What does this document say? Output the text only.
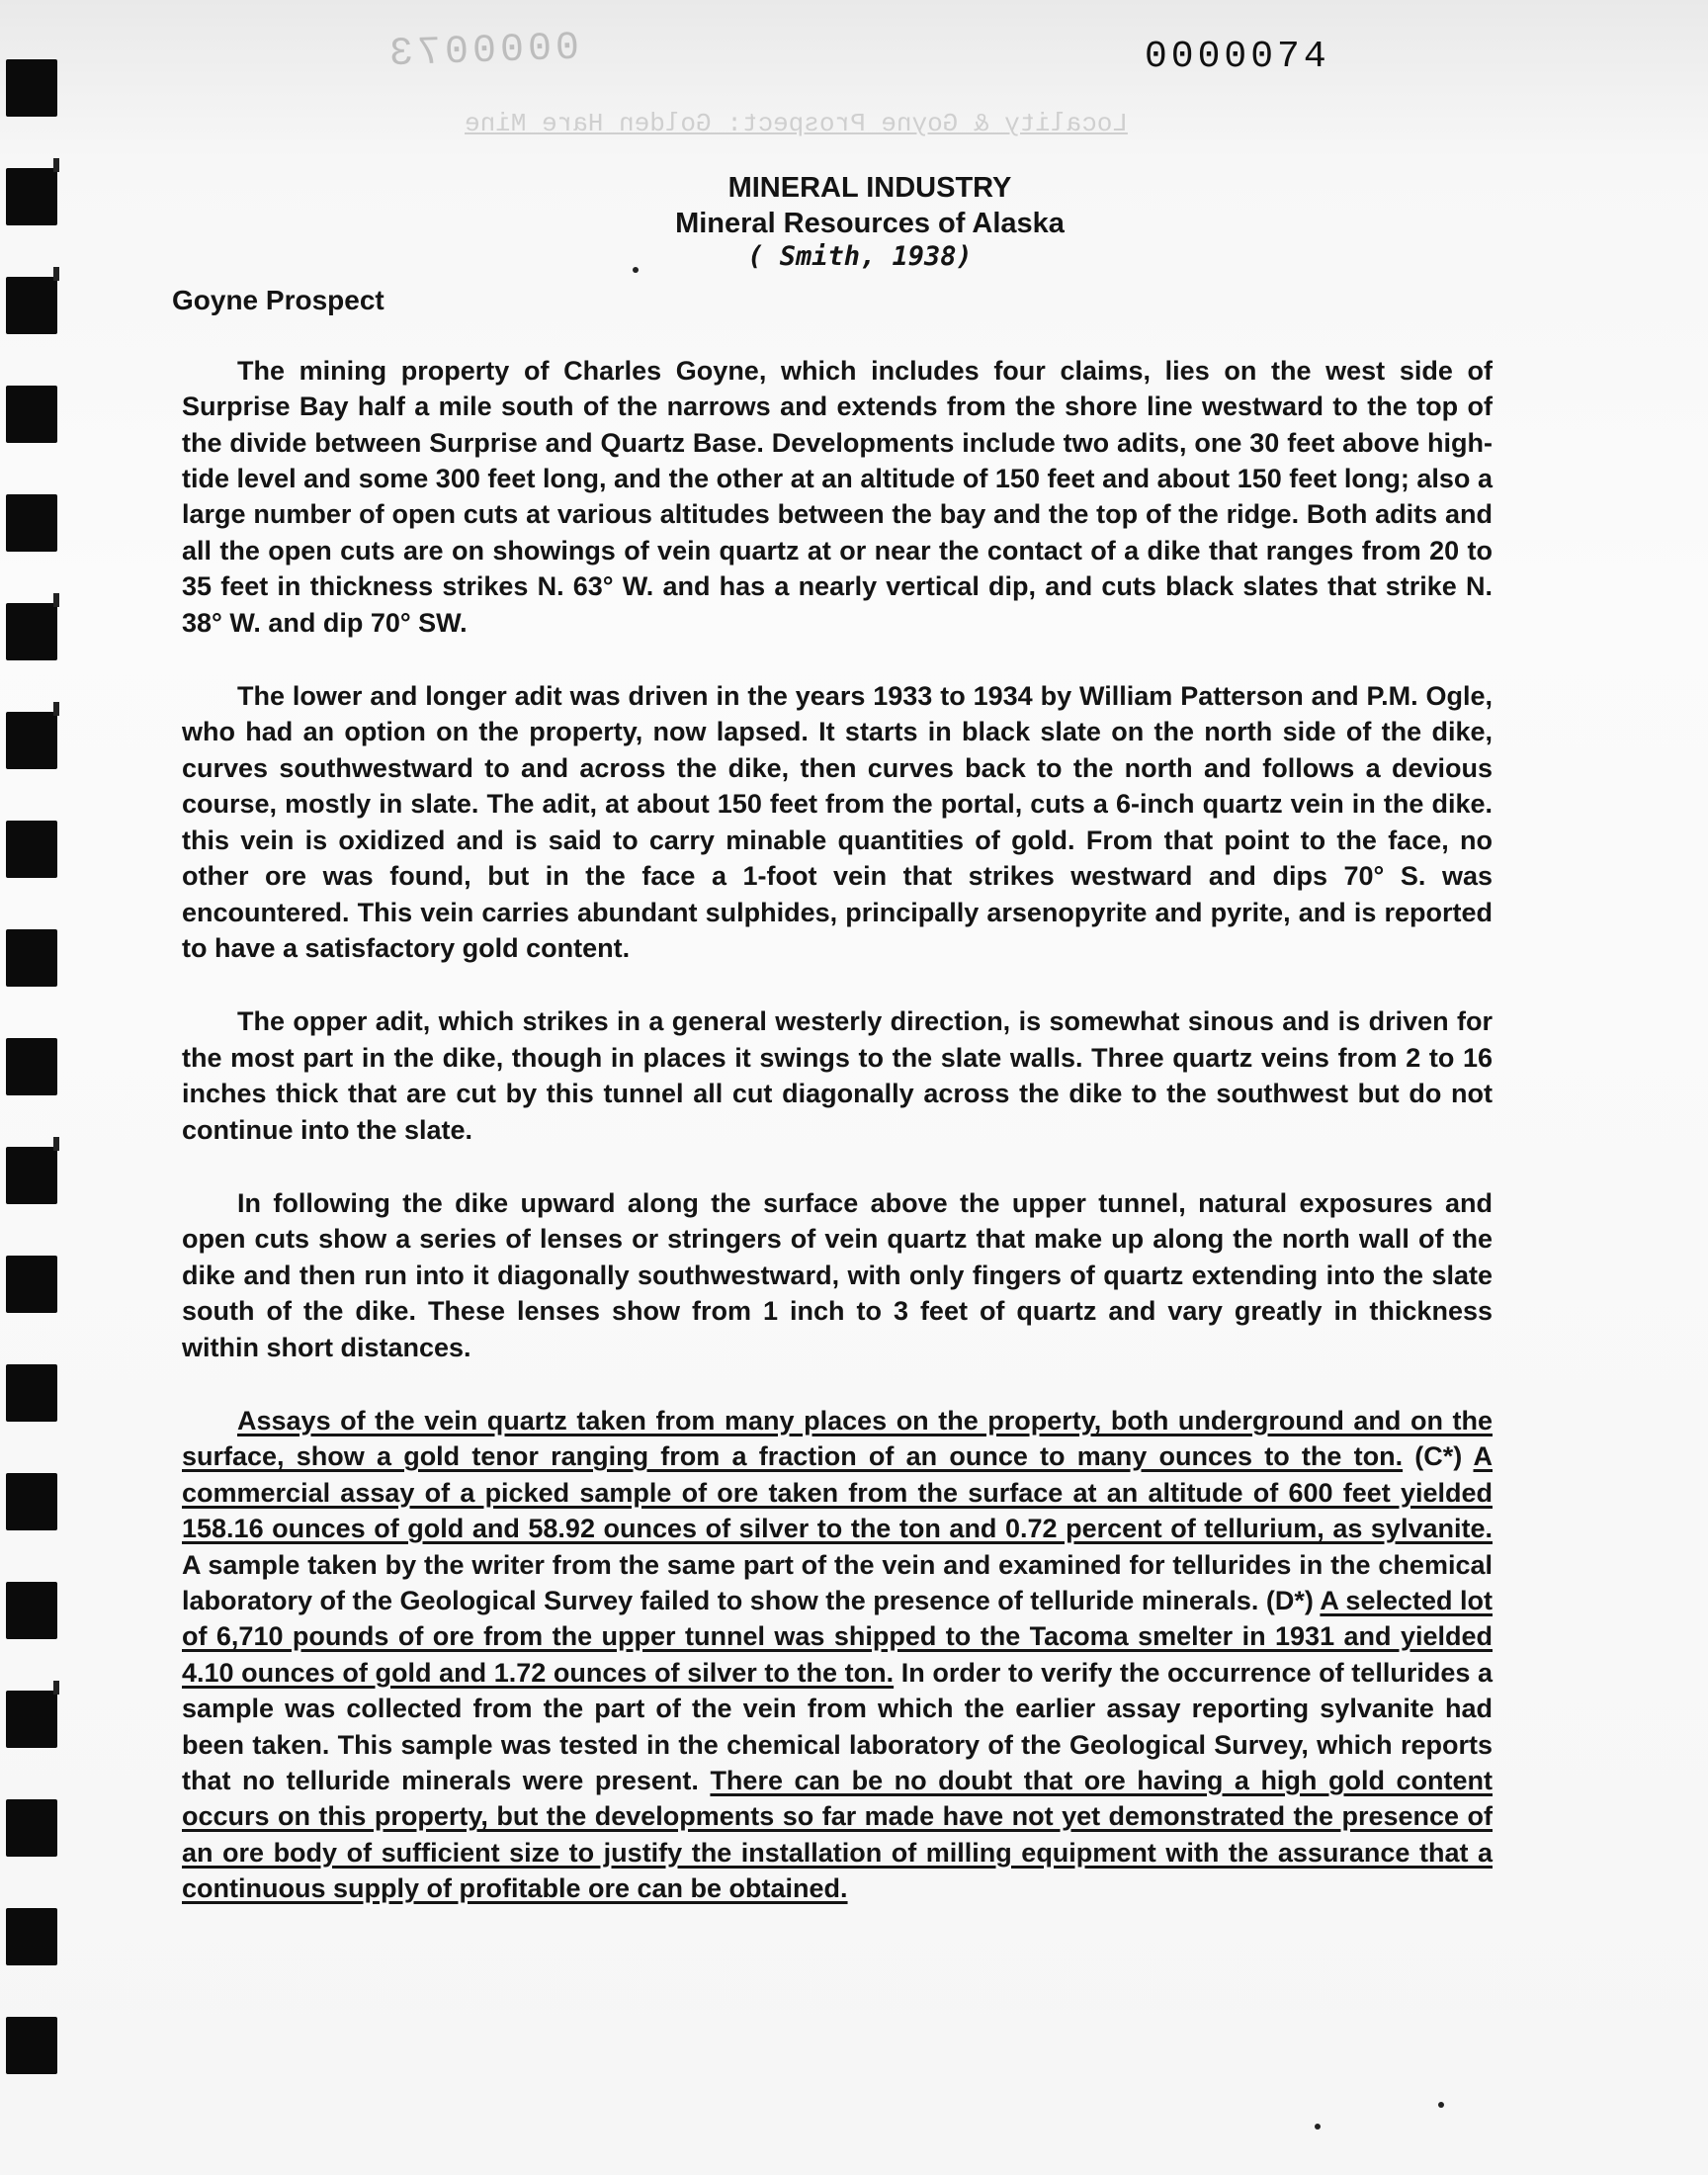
0000073
Locality & Goyne Prospect: Golden Hare Mine
0000074
MINERAL INDUSTRY
Mineral Resources of Alaska
( Smith, 1938)
Goyne Prospect

The mining property of Charles Goyne, which includes four claims, lies on the west side of Surprise Bay half a mile south of the narrows and extends from the shore line westward to the top of the divide between Surprise and Quartz Base. Developments include two adits, one 30 feet above high-tide level and some 300 feet long, and the other at an altitude of 150 feet and about 150 feet long; also a large number of open cuts at various altitudes between the bay and the top of the ridge. Both adits and all the open cuts are on showings of vein quartz at or near the contact of a dike that ranges from 20 to 35 feet in thickness strikes N. 63° W. and has a nearly vertical dip, and cuts black slates that strike N. 38° W. and dip 70° SW.

The lower and longer adit was driven in the years 1933 to 1934 by William Patterson and P.M. Ogle, who had an option on the property, now lapsed. It starts in black slate on the north side of the dike, curves southwestward to and across the dike, then curves back to the north and follows a devious course, mostly in slate. The adit, at about 150 feet from the portal, cuts a 6-inch quartz vein in the dike. this vein is oxidized and is said to carry minable quantities of gold. From that point to the face, no other ore was found, but in the face a 1-foot vein that strikes westward and dips 70° S. was encountered. This vein carries abundant sulphides, principally arsenopyrite and pyrite, and is reported to have a satisfactory gold content.

The opper adit, which strikes in a general westerly direction, is somewhat sinous and is driven for the most part in the dike, though in places it swings to the slate walls. Three quartz veins from 2 to 16 inches thick that are cut by this tunnel all cut diagonally across the dike to the southwest but do not continue into the slate.

In following the dike upward along the surface above the upper tunnel, natural exposures and open cuts show a series of lenses or stringers of vein quartz that make up along the north wall of the dike and then run into it diagonally southwestward, with only fingers of quartz extending into the slate south of the dike. These lenses show from 1 inch to 3 feet of quartz and vary greatly in thickness within short distances.

Assays of the vein quartz taken from many places on the property, both underground and on the surface, show a gold tenor ranging from a fraction of an ounce to many ounces to the ton. (C*) A commercial assay of a picked sample of ore taken from the surface at an altitude of 600 feet yielded 158.16 ounces of gold and 58.92 ounces of silver to the ton and 0.72 percent of tellurium, as sylvanite. A sample taken by the writer from the same part of the vein and examined for tellurides in the chemical laboratory of the Geological Survey failed to show the presence of telluride minerals. (D*) A selected lot of 6,710 pounds of ore from the upper tunnel was shipped to the Tacoma smelter in 1931 and yielded 4.10 ounces of gold and 1.72 ounces of silver to the ton. In order to verify the occurrence of tellurides a sample was collected from the part of the vein from which the earlier assay reporting sylvanite had been taken. This sample was tested in the chemical laboratory of the Geological Survey, which reports that no telluride minerals were present. There can be no doubt that ore having a high gold content occurs on this property, but the developments so far made have not yet demonstrated the presence of an ore body of sufficient size to justify the installation of milling equipment with the assurance that a continuous supply of profitable ore can be obtained.
